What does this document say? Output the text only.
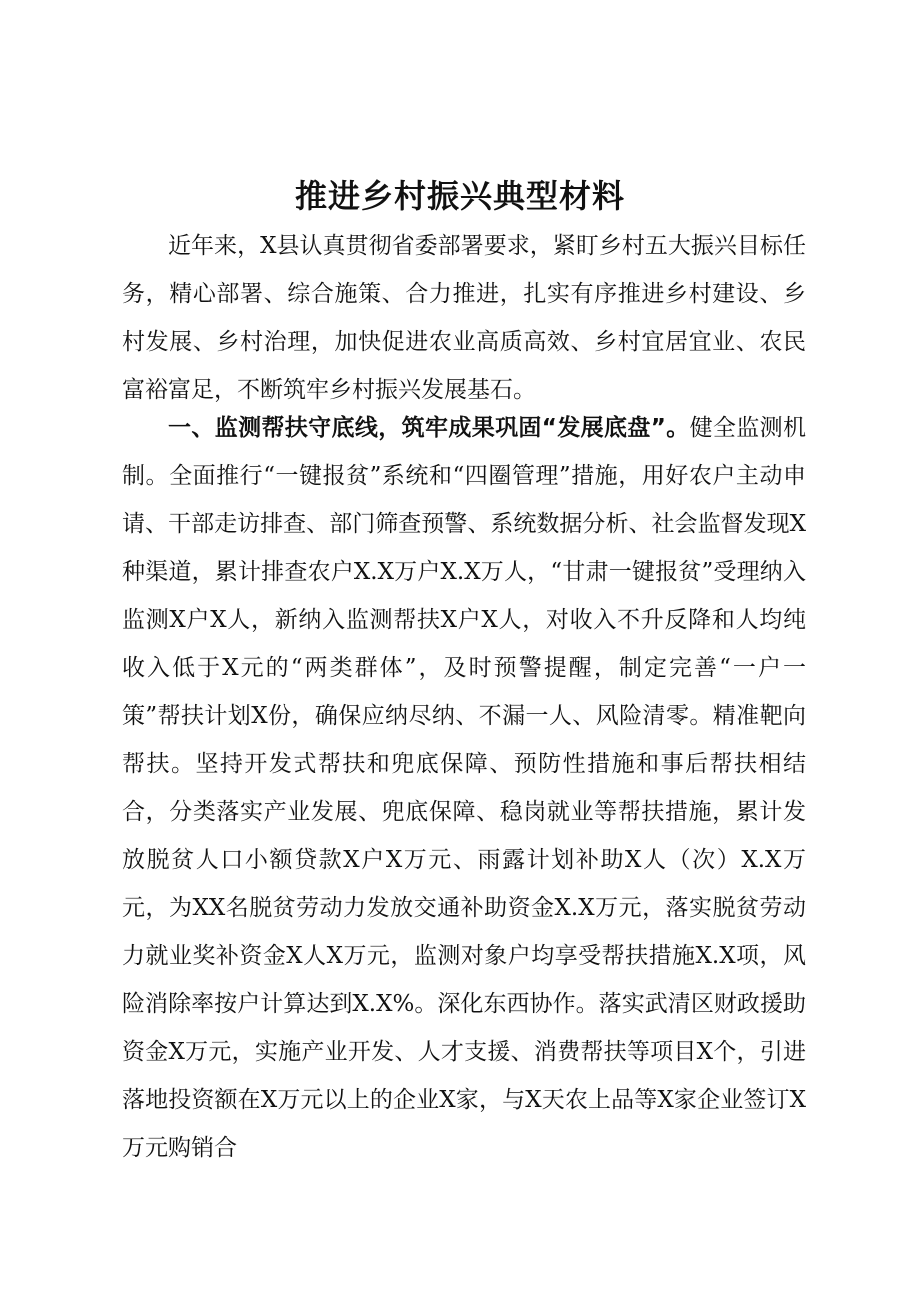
推进乡村振兴典型材料

近年来，X县认真贯彻省委部署要求，紧盯乡村五大振兴目标任务，精心部署、综合施策、合力推进，扎实有序推进乡村建设、乡村发展、乡村治理，加快促进农业高质高效、乡村宜居宜业、农民富裕富足，不断筑牢乡村振兴发展基石。

一、监测帮扶守底线，筑牢成果巩固“发展底盘”。健全监测机制。全面推行“一键报贫”系统和“四圈管理”措施，用好农户主动申请、干部走访排查、部门筛查预警、系统数据分析、社会监督发现X种渠道，累计排查农户X.X万户X.X万人，“甘肃一键报贫”受理纳入监测X户X人，新纳入监测帮扶X户X人，对收入不升反降和人均纯收入低于X元的“两类群体”，及时预警提醒，制定完善“一户一策”帮扶计划X份，确保应纳尽纳、不漏一人、风险清零。精准靶向帮扶。坚持开发式帮扶和兜底保障、预防性措施和事后帮扶相结合，分类落实产业发展、兜底保障、稳岗就业等帮扶措施，累计发放脱贫人口小额贷款X户X万元、雨露计划补助X人（次）X.X万元，为XX名脱贫劳动力发放交通补助资金X.X万元，落实脱贫劳动力就业奖补资金X人X万元，监测对象户均享受帮扶措施X.X项，风险消除率按户计算达到X.X%。深化东西协作。落实武清区财政援助资金X万元，实施产业开发、人才支援、消费帮扶等项目X个，引进落地投资额在X万元以上的企业X家，与X天农上品等X家企业签订X万元购销合
